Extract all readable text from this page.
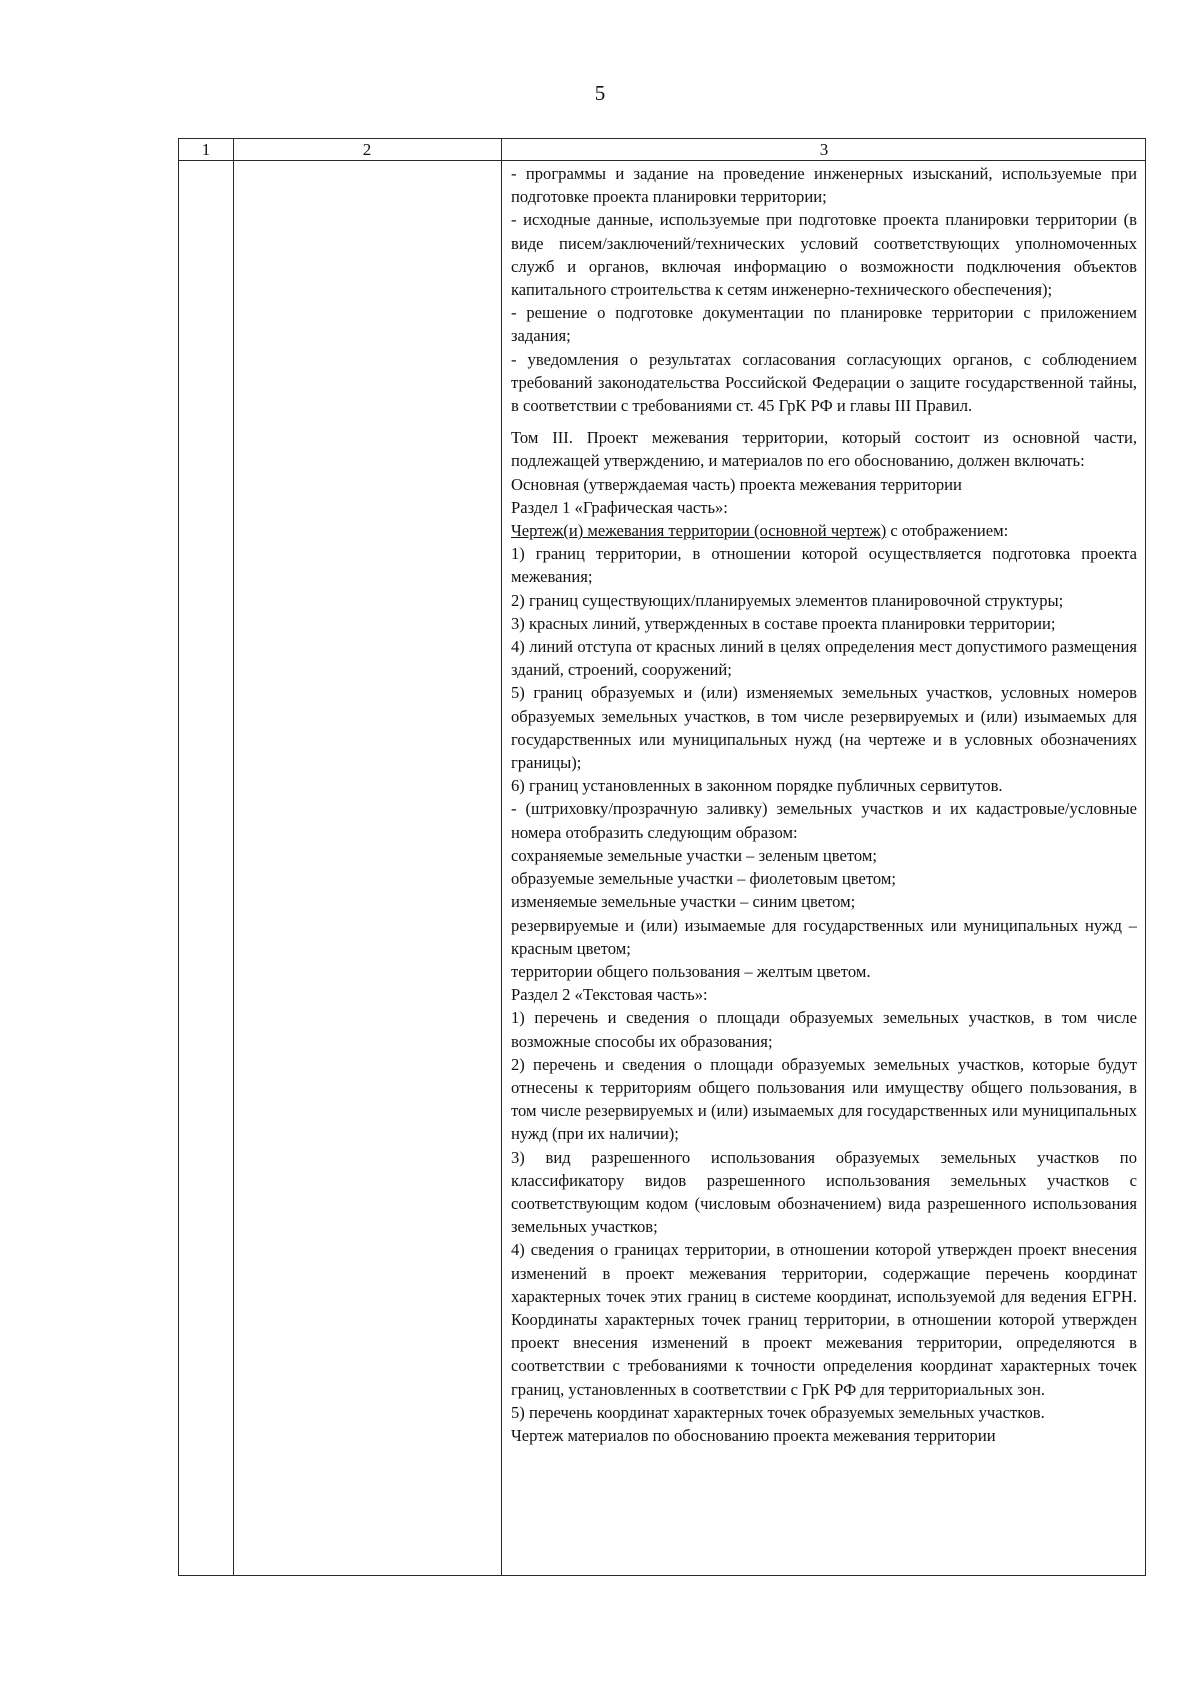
5
1	2	3

- программы и задание на проведение инженерных изысканий, используемые при подготовке проекта планировки территории;

- исходные данные, используемые при подготовке проекта планировки территории (в виде писем/заключений/технических условий соответствующих уполномоченных служб и органов, включая информацию о возможности подключения объектов капитального строительства к сетям инженерно-технического обеспечения);

- решение о подготовке документации по планировке территории с приложением задания;

- уведомления о результатах согласования согласующих органов, с соблюдением требований законодательства Российской Федерации о защите государственной тайны, в соответствии с требованиями ст. 45 ГрК РФ и главы III Правил.

Том III. Проект межевания территории, который состоит из основной части, подлежащей утверждению, и материалов по его обоснованию, должен включать:

Основная (утверждаемая часть) проекта межевания территории

Раздел 1 «Графическая часть»:

Чертеж(и) межевания территории (основной чертеж) с отображением:

1) границ территории, в отношении которой осуществляется подготовка проекта межевания;

2) границ существующих/планируемых элементов планировочной структуры;

3) красных линий, утвержденных в составе проекта планировки территории;

4) линий отступа от красных линий в целях определения мест допустимого размещения зданий, строений, сооружений;

5) границ образуемых и (или) изменяемых земельных участков, условных номеров образуемых земельных участков, в том числе резервируемых и (или) изымаемых для государственных или муниципальных нужд (на чертеже и в условных обозначениях границы);

6) границ установленных в законном порядке публичных сервитутов.

- (штриховку/прозрачную заливку) земельных участков и их кадастровые/условные номера отобразить следующим образом:

сохраняемые земельные участки – зеленым цветом;

образуемые земельные участки – фиолетовым цветом;

изменяемые земельные участки – синим цветом;

резервируемые и (или) изымаемые для государственных или муниципальных нужд – красным цветом;

территории общего пользования – желтым цветом.

Раздел 2 «Текстовая часть»:

1) перечень и сведения о площади образуемых земельных участков, в том числе возможные способы их образования;

2) перечень и сведения о площади образуемых земельных участков, которые будут отнесены к территориям общего пользования или имуществу общего пользования, в том числе резервируемых и (или) изымаемых для государственных или муниципальных нужд (при их наличии);

3) вид разрешенного использования образуемых земельных участков по классификатору видов разрешенного использования земельных участков с соответствующим кодом (числовым обозначением) вида разрешенного использования земельных участков;

4) сведения о границах территории, в отношении которой утвержден проект внесения изменений в проект межевания территории, содержащие перечень координат характерных точек этих границ в системе координат, используемой для ведения ЕГРН. Координаты характерных точек границ территории, в отношении которой утвержден проект внесения изменений в проект межевания территории, определяются в соответствии с требованиями к точности определения координат характерных точек границ, установленных в соответствии с ГрК РФ для территориальных зон.

5) перечень координат характерных точек образуемых земельных участков.

Чертеж материалов по обоснованию проекта межевания территории
